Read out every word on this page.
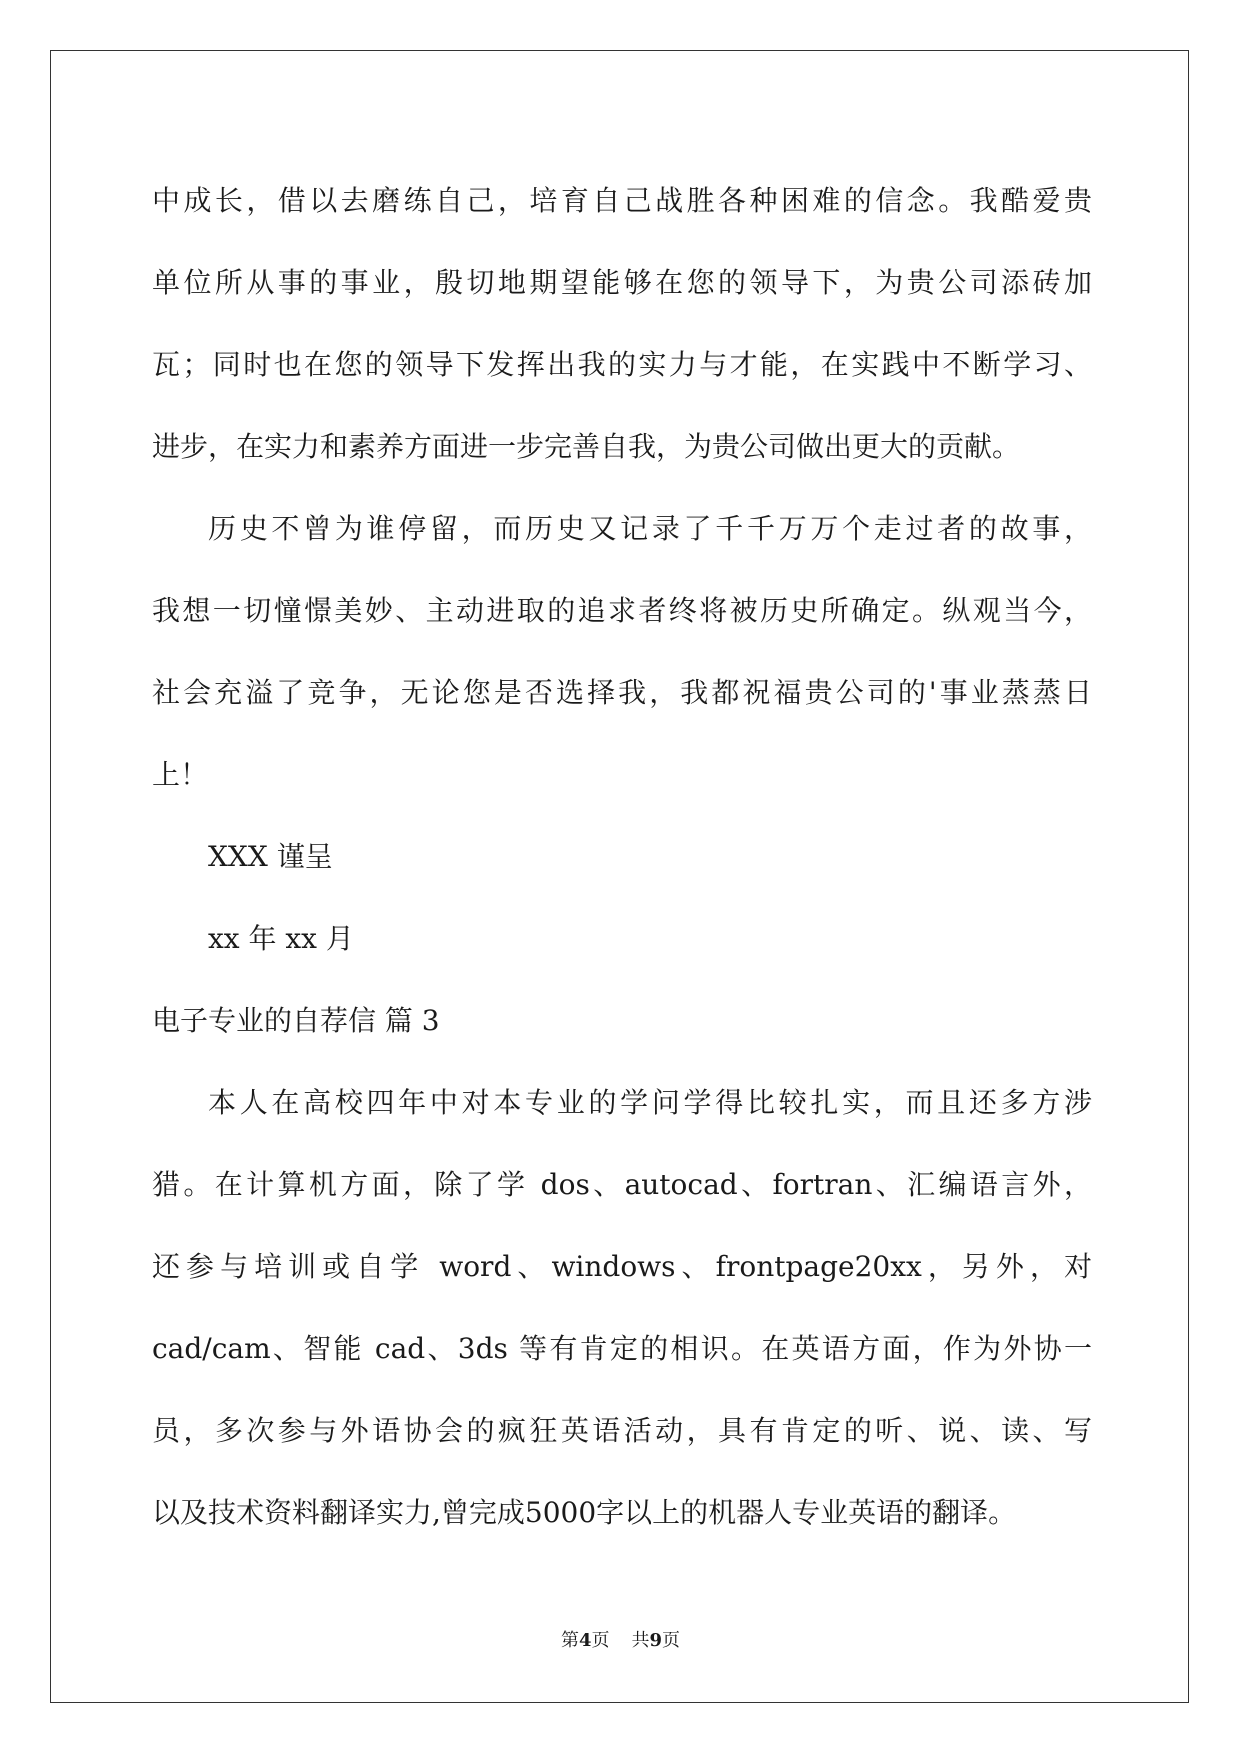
中成长，借以去磨练自己，培育自己战胜各种困难的信念。我酷爱贵
单位所从事的事业，殷切地期望能够在您的领导下，为贵公司添砖加
瓦；同时也在您的领导下发挥出我的实力与才能，在实践中不断学习、
进步，在实力和素养方面进一步完善自我，为贵公司做出更大的贡献。
历史不曾为谁停留，而历史又记录了千千万万个走过者的故事，
我想一切憧憬美妙、主动进取的追求者终将被历史所确定。纵观当今，
社会充溢了竞争，无论您是否选择我，我都祝福贵公司的'事业蒸蒸日
上！
XXX 谨呈
xx 年 xx 月
电子专业的自荐信 篇 3
本人在高校四年中对本专业的学问学得比较扎实，而且还多方涉
猎。在计算机方面，除了学 dos、autocad、fortran、汇编语言外，
还参与培训或自学 word、windows、frontpage20xx，另外，对
cad/cam、智能 cad、3ds 等有肯定的相识。在英语方面，作为外协一
员，多次参与外语协会的疯狂英语活动，具有肯定的听、说、读、写
以及技术资料翻译实力,曾完成5000字以上的机器人专业英语的翻译。
第4页 共9页
